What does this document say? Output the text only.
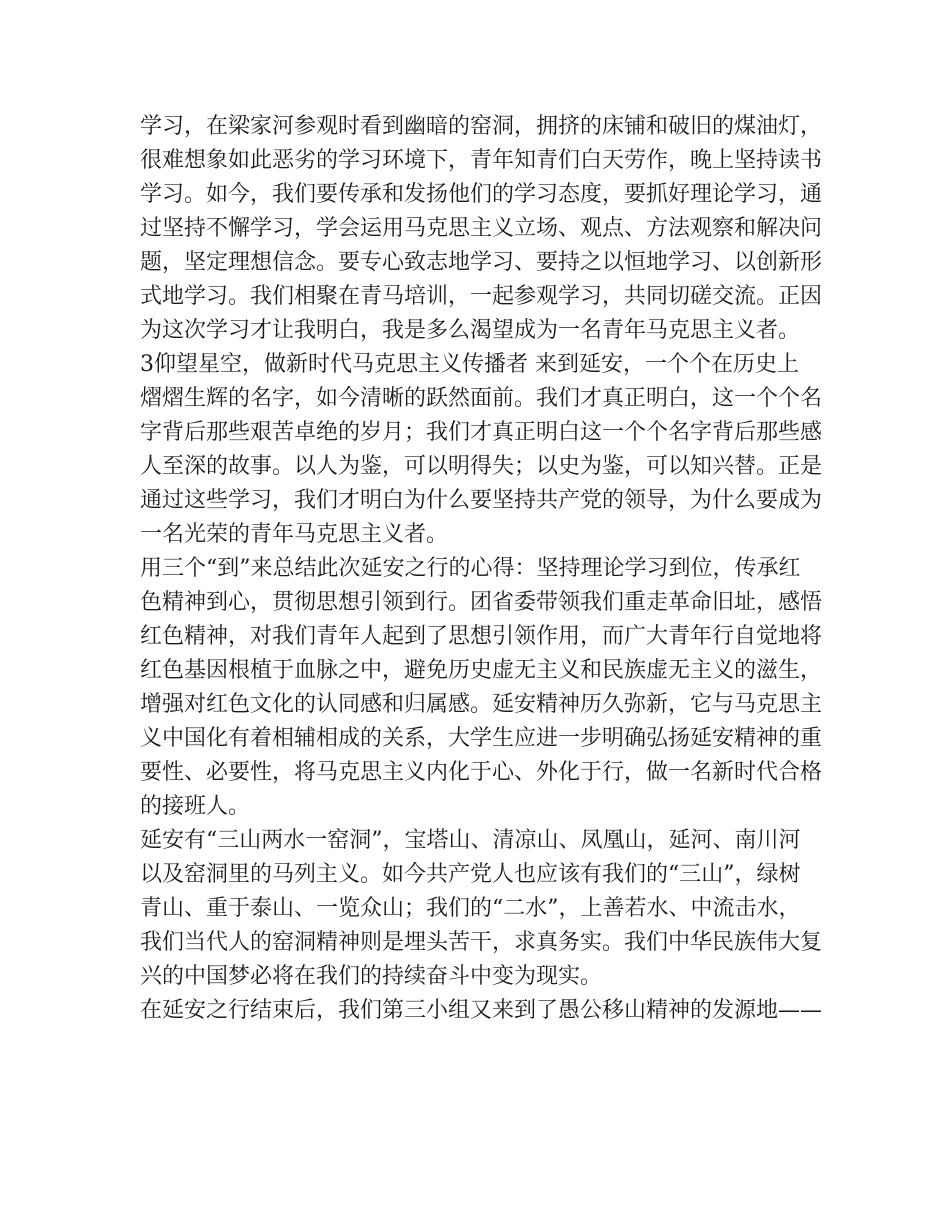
学习，在梁家河参观时看到幽暗的窑洞，拥挤的床铺和破旧的煤油灯，
很难想象如此恶劣的学习环境下，青年知青们白天劳作，晚上坚持读书
学习。如今，我们要传承和发扬他们的学习态度，要抓好理论学习，通
过坚持不懈学习，学会运用马克思主义立场、观点、方法观察和解决问
题，坚定理想信念。要专心致志地学习、要持之以恒地学习、以创新形
式地学习。我们相聚在青马培训，一起参观学习，共同切磋交流。正因
为这次学习才让我明白，我是多么渴望成为一名青年马克思主义者。
3仰望星空，做新时代马克思主义传播者 来到延安，一个个在历史上
熠熠生辉的名字，如今清晰的跃然面前。我们才真正明白，这一个个名
字背后那些艰苦卓绝的岁月；我们才真正明白这一个个名字背后那些感
人至深的故事。以人为鉴，可以明得失；以史为鉴，可以知兴替。正是
通过这些学习，我们才明白为什么要坚持共产党的领导，为什么要成为
一名光荣的青年马克思主义者。
用三个“到”来总结此次延安之行的心得：坚持理论学习到位，传承红
色精神到心，贯彻思想引领到行。团省委带领我们重走革命旧址，感悟
红色精神，对我们青年人起到了思想引领作用，而广大青年行自觉地将
红色基因根植于血脉之中，避免历史虚无主义和民族虚无主义的滋生，
增强对红色文化的认同感和归属感。延安精神历久弥新，它与马克思主
义中国化有着相辅相成的关系，大学生应进一步明确弘扬延安精神的重
要性、必要性，将马克思主义内化于心、外化于行，做一名新时代合格
的接班人。
延安有“三山两水一窑洞”，宝塔山、清凉山、凤凰山，延河、南川河
以及窑洞里的马列主义。如今共产党人也应该有我们的“三山”，绿树
青山、重于泰山、一览众山；我们的“二水”，上善若水、中流击水，
我们当代人的窑洞精神则是埋头苦干，求真务实。我们中华民族伟大复
兴的中国梦必将在我们的持续奋斗中变为现实。
在延安之行结束后，我们第三小组又来到了愚公移山精神的发源地——
